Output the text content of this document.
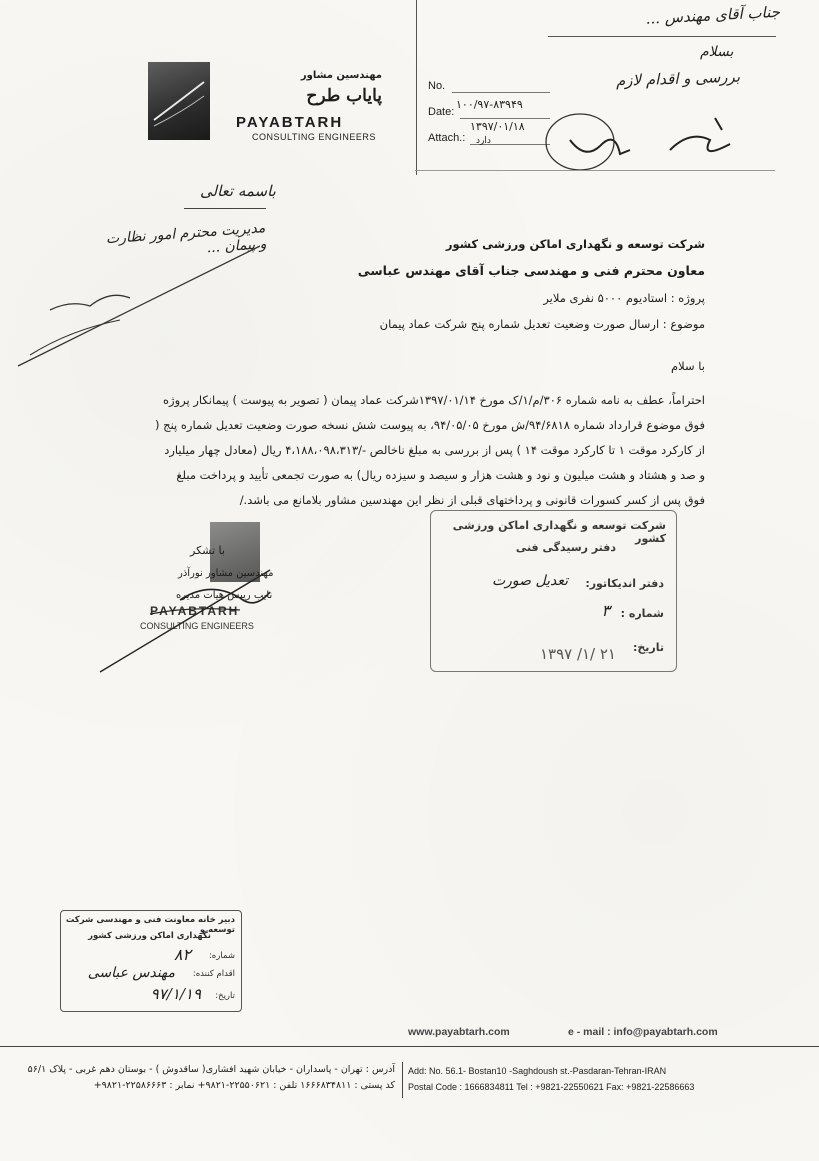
مهندسین مشاور
پایاب طرح
PAYABTARH
CONSULTING ENGINEERS
No.
Date:
۱۰۰/۹۷-۸۳۹۴۹
۱۳۹۷/۰۱/۱۸
Attach.: دارد
جناب آقای مهندس ...
بسلام
بررسی و اقدام لازم
باسمه تعالی
مدیریت محترم امور نظارت و پیمان ...	شرکت توسعه و نگهداری اماکن ورزشی کشور
معاون محترم فنی و مهندسی جناب آقای مهندس عباسی
پروژه : استادیوم ۵۰۰۰ نفری ملایر
موضوع : ارسال صورت وضعیت تعدیل شماره پنج شرکت عماد پیمان
با سلام
احتراماً، عطف به نامه شماره ۳۰۶/م/۱/ک مورخ ۱۳۹۷/۰۱/۱۴شرکت عماد پیمان ( تصویر به پیوست ) پیمانکار پروژه
فوق موضوع قرارداد شماره ۹۴/۶۸۱۸/ش مورخ ۹۴/۰۵/۰۵، به پیوست شش نسخه صورت وضعیت تعدیل شماره پنج (
از کارکرد موقت ۱ تا کارکرد موقت ۱۴ ) پس از بررسی به مبلغ ناخالص -/۴،۱۸۸،۰۹۸،۳۱۳ ریال (معادل چهار میلیارد
و صد و هشتاد و هشت میلیون و نود و هشت هزار و سیصد و سیزده ریال) به صورت تجمعی تأیید و پرداخت مبلغ
فوق پس از کسر کسورات قانونی و پرداختهای قبلی از نظر این مهندسین مشاور بلامانع می باشد./
با تشکر
مهندسین مشاور نورآذر
نایب رییس هیات مدیره
PAYABTARH
CONSULTING ENGINEERS
شرکت توسعه و نگهداری اماکن ورزشی کشور
دفتر رسیدگی فنی
دفتر اندیکاتور:
تعدیل صورت
شماره :
۳
تاریخ:
۱۳۹۷ /۱/ ۲۱
دبیر خانه معاونت فنی و مهندسی شرکت توسعه و
نگهداری اماکن ورزشی کشور
شماره:
۸۲
اقدام کننده:
مهندس عباسی
تاریخ:
۹۷/۱/۱۹
www.payabtarh.com	e - mail : info@payabtarh.com
آدرس : تهران - پاسداران - خیابان شهید افشاری( ساقدوش ) - بوستان دهم غربی - پلاک ۵۶/۱
کد پستی : ۱۶۶۶۸۳۴۸۱۱ تلفن : ۲۲۵۵۰۶۲۱-۹۸۲۱+ نمابر : ۲۲۵۸۶۶۶۳-۹۸۲۱+
Add: No. 56.1- Bostan10 -Saghdoush st.-Pasdaran-Tehran-IRAN
Postal Code : 1666834811 Tel : +9821-22550621 Fax: +9821-22586663
